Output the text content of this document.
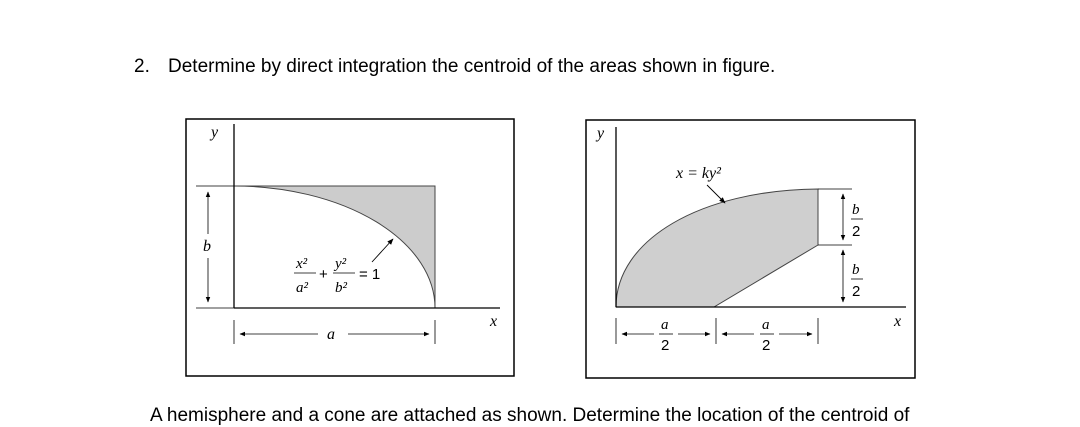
2. Determine by direct integration the centroid of the areas shown in figure.
y
x
b
a
x²
a²
+
y²
b²
= 1
y
x
x = ky²
b
2
b
2
a
2
a
2
A hemisphere and a cone are attached as shown. Determine the location of the centroid of
